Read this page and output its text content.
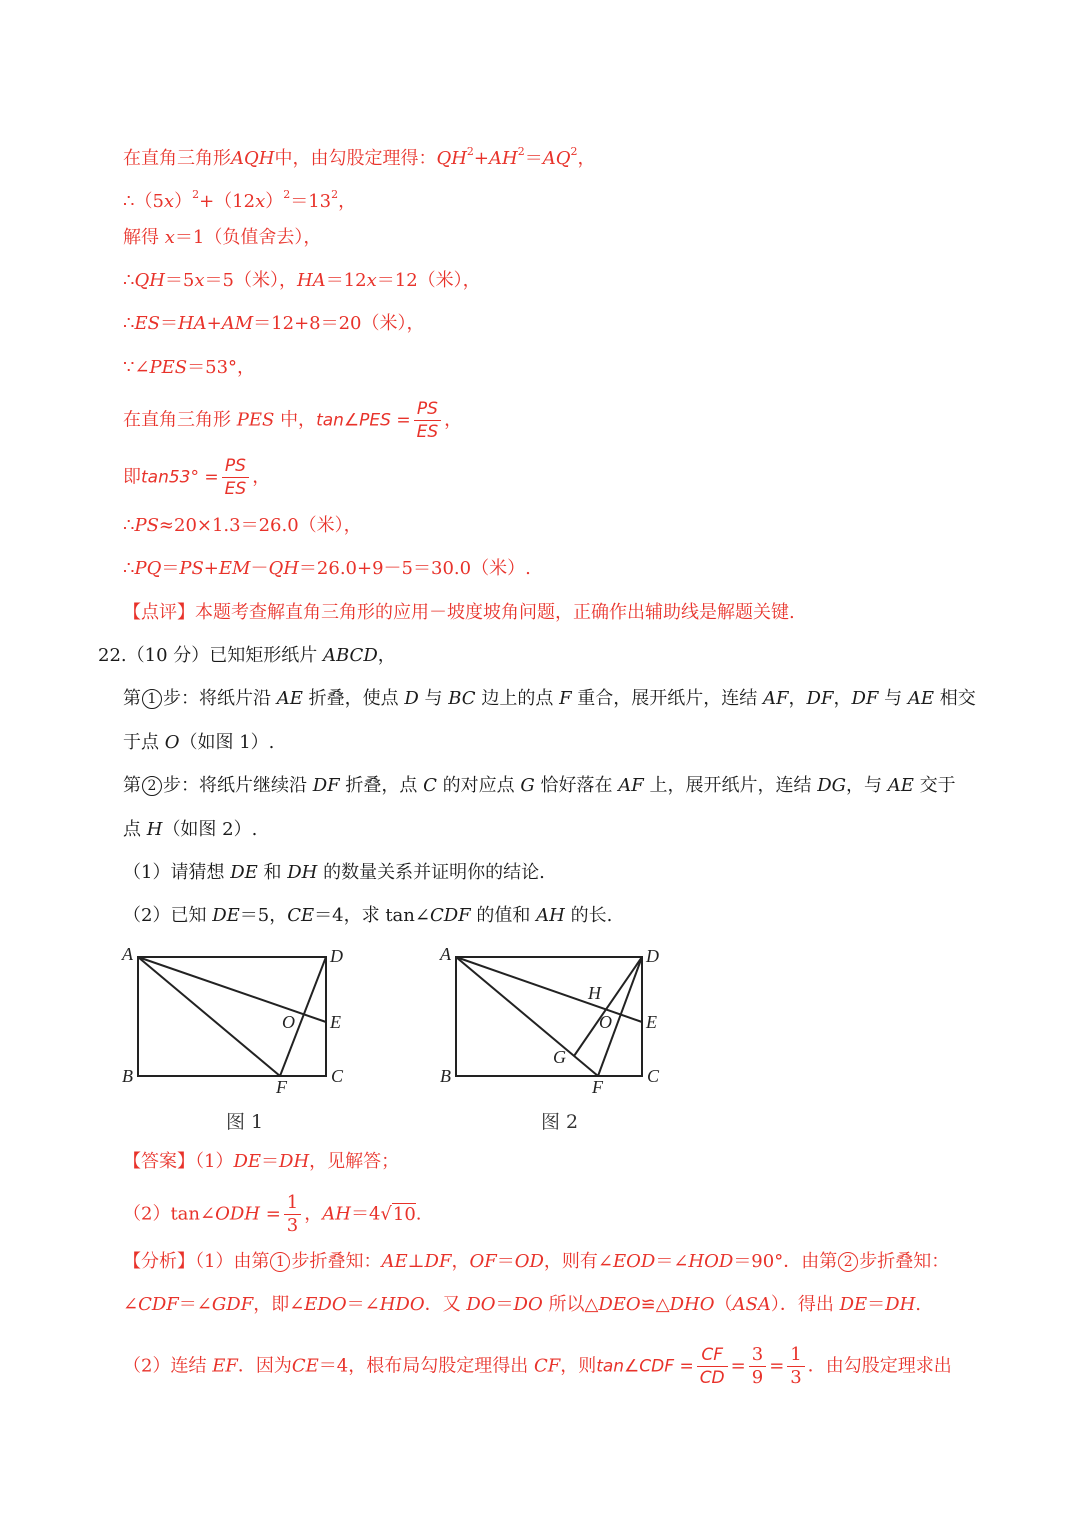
在直角三角形AQH中，由勾股定理得：$QH^2+AH^2=AQ^2$，
$\therefore(5x)^2+(12x)^2=13^2$，
解得 x＝1（负值舍去），
∴QH＝5x＝5（米），HA＝12x＝12（米），
∴ES＝HA+AM＝12+8＝20（米），
∵∠PES＝53°，
在直角三角形 PES 中，tan∠PES = $\frac{PS}{ES}$ ，
即$\tan 53^\circ = \frac{PS}{ES}$ ，
∴PS≈20×1.3＝26.0（米），
∴PQ＝PS+EM－QH＝26.0+9－5＝30.0（米）.
【点评】本题考查解直角三角形的应用－坡度坡角问题，正确作出辅助线是解题关键.
22.（10 分）已知矩形纸片 ABCD，
第 1 步：将纸片沿 AE 折叠，使点 D 与 BC 边上的点 F 重合，展开纸片，连结 AF，DF，DF 与 AE 相交
于点 O（如图 1）.
第 2 步：将纸片继续沿 DF 折叠，点 C 的对应点 G 恰好落在 AF 上，展开纸片，连结 DG，与 AE 交于
点 H（如图 2）.
（1）请猜想 DE 和 DH 的数量关系并证明你的结论.
（2）已知 DE＝5，CE＝4，求 tan∠CDF 的值和 AH 的长.
A	D
O E
B
F
C
图 1
A	D
H
O E
G
B
F
C
图 2
【答案】（1）DE＝DH，见解答；
（2）tan∠ODH = $\frac{1}{3}$ ，AH＝4√10.
【分析】（1）由第 1 步折叠知：AE⊥DF，OF＝OD，则有∠EOD＝∠HOD＝90°．由第 2 步折叠知：
∠CDF＝∠GDF，即∠EDO＝∠HDO．又 DO＝DO 所以△DEO≌△DHO（ASA）．得出 DE＝DH.
（2）连结 EF．因为CE＝4，根布局勾股定理得出 CF，则tan∠CDF = $\frac{CF}{CD} = \frac{3}{9} = \frac{1}{3}$ ．由勾股定理求出
